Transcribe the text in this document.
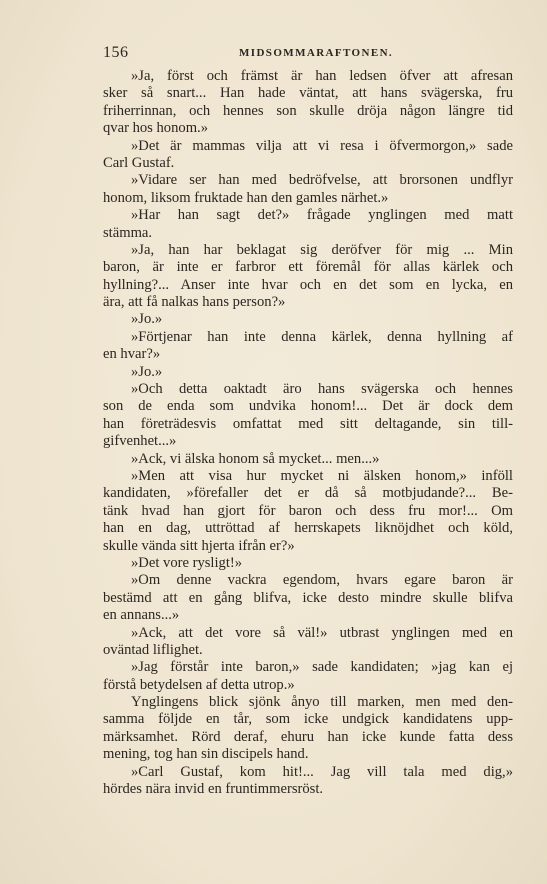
156	MIDSOMMARAFTONEN.
»Ja, först och främst är han ledsen öfver att afresan
sker så snart... Han hade väntat, att hans svägerska, fru
friherrinnan, och hennes son skulle dröja någon längre tid
qvar hos honom.»
»Det är mammas vilja att vi resa i öfvermorgon,» sade
Carl Gustaf.
»Vidare ser han med bedröfvelse, att brorsonen undflyr
honom, liksom fruktade han den gamles närhet.»
»Har han sagt det?» frågade ynglingen med matt
stämma.
»Ja, han har beklagat sig deröfver för mig ... Min
baron, är inte er farbror ett föremål för allas kärlek och
hyllning?... Anser inte hvar och en det som en lycka, en
ära, att få nalkas hans person?»
»Jo.»
»Förtjenar han inte denna kärlek, denna hyllning af
en hvar?»
»Jo.»
»Och detta oaktadt äro hans svägerska och hennes
son de enda som undvika honom!... Det är dock dem
han företrädesvis omfattat med sitt deltagande, sin till-
gifvenhet...»
»Ack, vi älska honom så mycket... men...»
»Men att visa hur mycket ni älsken honom,» inföll
kandidaten, »förefaller det er då så motbjudande?... Be-
tänk hvad han gjort för baron och dess fru mor!... Om
han en dag, uttröttad af herrskapets liknöjdhet och köld,
skulle vända sitt hjerta ifrån er?»
»Det vore rysligt!»
»Om denne vackra egendom, hvars egare baron är
bestämd att en gång blifva, icke desto mindre skulle blifva
en annans...»
»Ack, att det vore så väl!» utbrast ynglingen med en
oväntad liflighet.
»Jag förstår inte baron,» sade kandidaten; »jag kan ej
förstå betydelsen af detta utrop.»
Ynglingens blick sjönk ånyo till marken, men med den-
samma följde en tår, som icke undgick kandidatens upp-
märksamhet. Rörd deraf, ehuru han icke kunde fatta dess
mening, tog han sin discipels hand.
»Carl Gustaf, kom hit!... Jag vill tala med dig,»
hördes nära invid en fruntimmersröst.
